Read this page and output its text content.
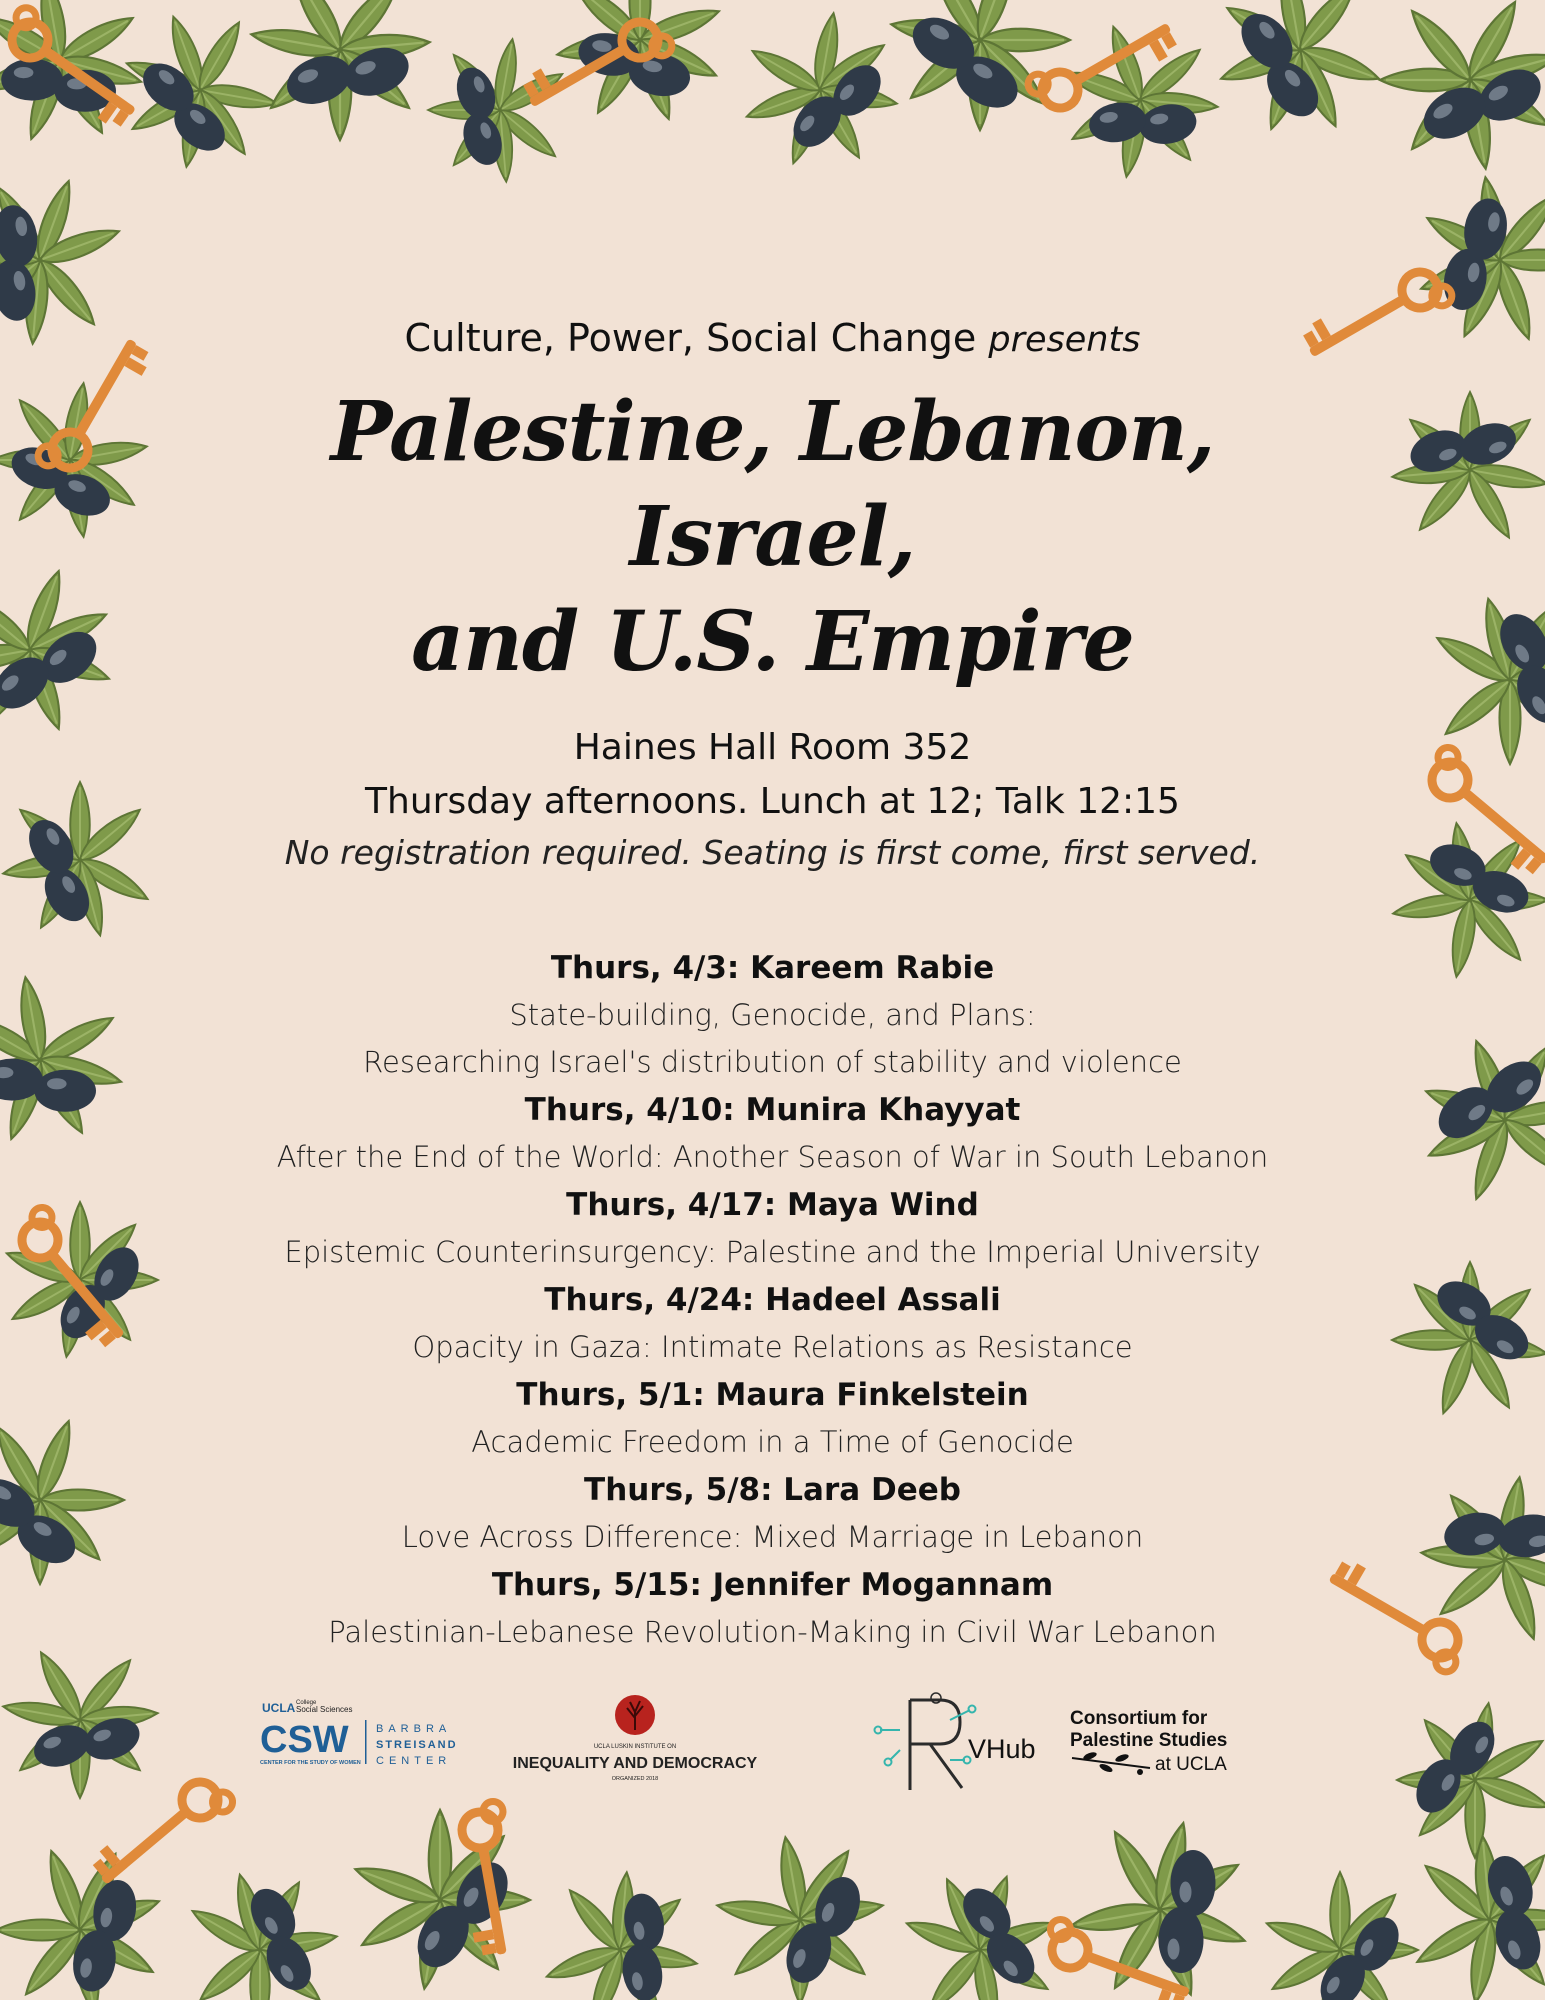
Culture, Power, Social Change presents
Palestine, Lebanon, Israel,
and U.S. Empire
Haines Hall Room 352
Thursday afternoons. Lunch at 12; Talk 12:15
No registration required. Seating is first come, first served.
Thurs, 4/3: Kareem Rabie
State-building, Genocide, and Plans:
Researching Israel's distribution of stability and violence
Thurs, 4/10: Munira Khayyat
After the End of the World: Another Season of War in South Lebanon
Thurs, 4/17: Maya Wind
Epistemic Counterinsurgency: Palestine and the Imperial University
Thurs, 4/24: Hadeel Assali
Opacity in Gaza: Intimate Relations as Resistance
Thurs, 5/1: Maura Finkelstein
Academic Freedom in a Time of Genocide
Thurs, 5/8: Lara Deeb
Love Across Difference: Mixed Marriage in Lebanon
Thurs, 5/15: Jennifer Mogannam
Palestinian-Lebanese Revolution-Making in Civil War Lebanon
UCLA College
Social Sciences
CSW
CENTER FOR THE STUDY OF WOMEN
BARBRA
STREISAND
CENTER
UCLA LUSKIN INSTITUTE ON
INEQUALITY AND DEMOCRACY
ORGANIZED 2018
VHub
Consortium for
Palestine Studies
at UCLA
